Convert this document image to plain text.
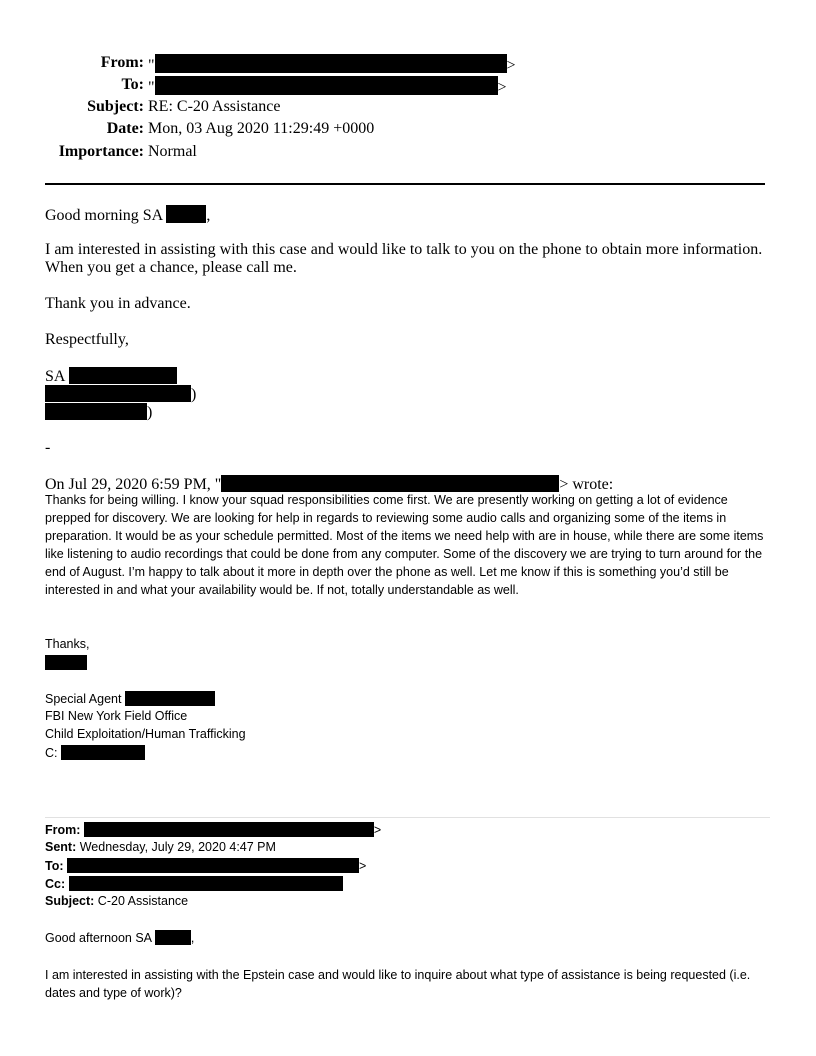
From: "	>
To: "	>
Subject: RE: C-20 Assistance
Date: Mon, 03 Aug 2020 11:29:49 +0000
Importance: Normal
Good morning SA	,
I am interested in assisting with this case and would like to talk to you on the phone to obtain more information. When you get a chance, please call me.
Thank you in advance.
Respectfully,
SA
)
)
-
On Jul 29, 2020 6:59 PM, "	> wrote:
Thanks for being willing. I know your squad responsibilities come first. We are presently working on getting a lot of evidence prepped for discovery. We are looking for help in regards to reviewing some audio calls and organizing some of the items in preparation. It would be as your schedule permitted. Most of the items we need help with are in house, while there are some items like listening to audio recordings that could be done from any computer. Some of the discovery we are trying to turn around for the end of August. I’m happy to talk about it more in depth over the phone as well. Let me know if this is something you’d still be interested in and what your availability would be. If not, totally understandable as well.
Thanks,
Special Agent
FBI New York Field Office
Child Exploitation/Human Trafficking
C:
From:	>
Sent: Wednesday, July 29, 2020 4:47 PM
To:	>
Cc:
Subject: C-20 Assistance
Good afternoon SA	,
I am interested in assisting with the Epstein case and would like to inquire about what type of assistance is being requested (i.e. dates and type of work)?
